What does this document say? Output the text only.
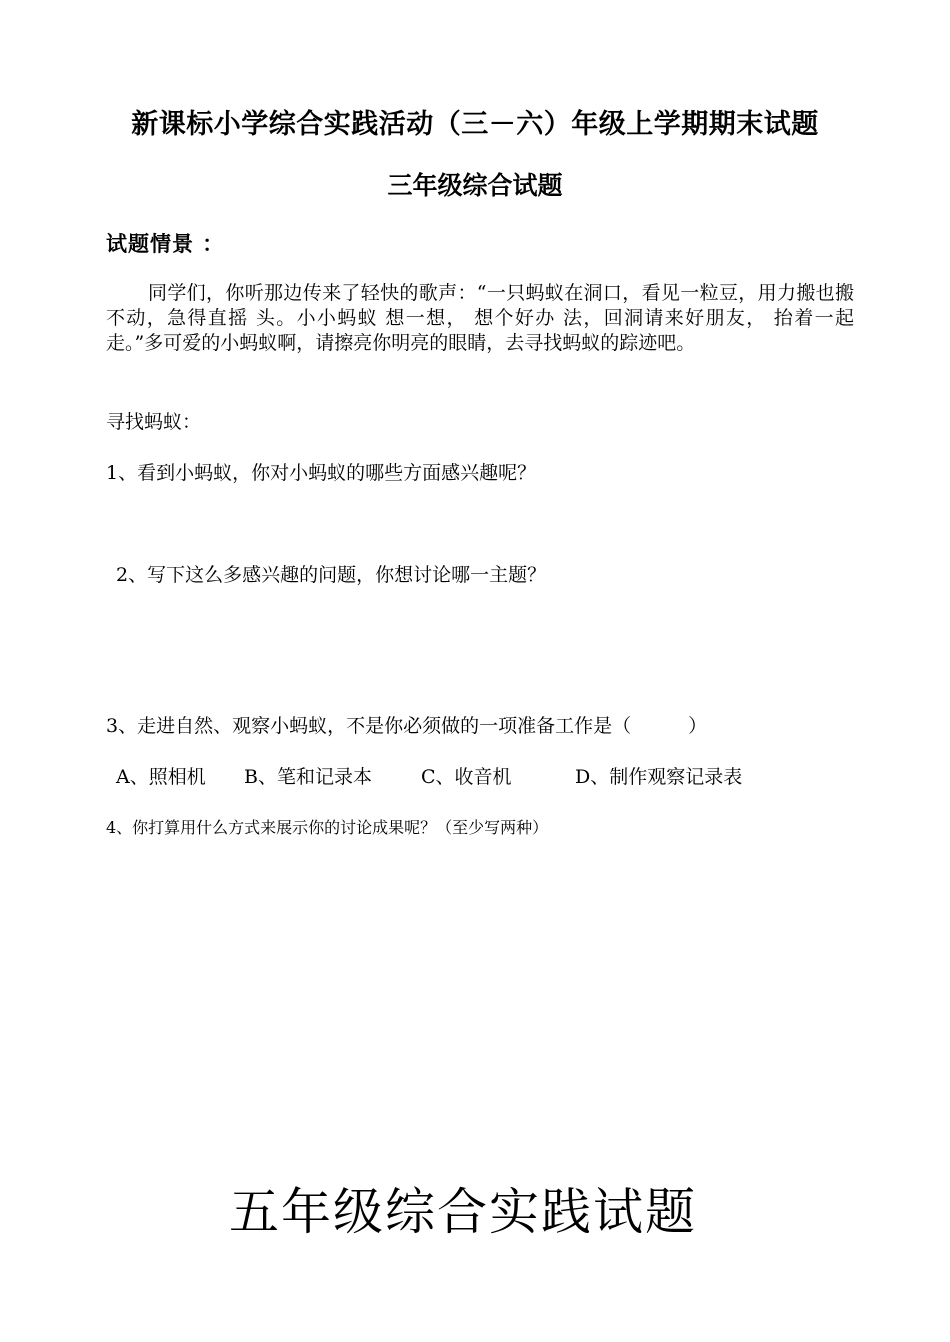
新课标小学综合实践活动（三－六）年级上学期期末试题
三年级综合试题
试题情景 ：
同学们，你听那边传来了轻快的歌声：“一只蚂蚁在洞口，看见一粒豆，用力搬也搬不动，急得直摇 头。小小蚂蚁 想一想， 想个好办 法，回洞请来好朋友， 抬着一起走。”多可爱的小蚂蚁啊，请擦亮你明亮的眼睛，去寻找蚂蚁的踪迹吧。
寻找蚂蚁：
1、看到小蚂蚁，你对小蚂蚁的哪些方面感兴趣呢？
2、写下这么多感兴趣的问题，你想讨论哪一主题？
3、走进自然、观察小蚂蚁，不是你必须做的一项准备工作是（　　　）
A、照相机 B、笔和记录本	C、收音机	D、制作观察记录表
4、你打算用什么方式来展示你的讨论成果呢？（至少写两种）
五年级综合实践试题
